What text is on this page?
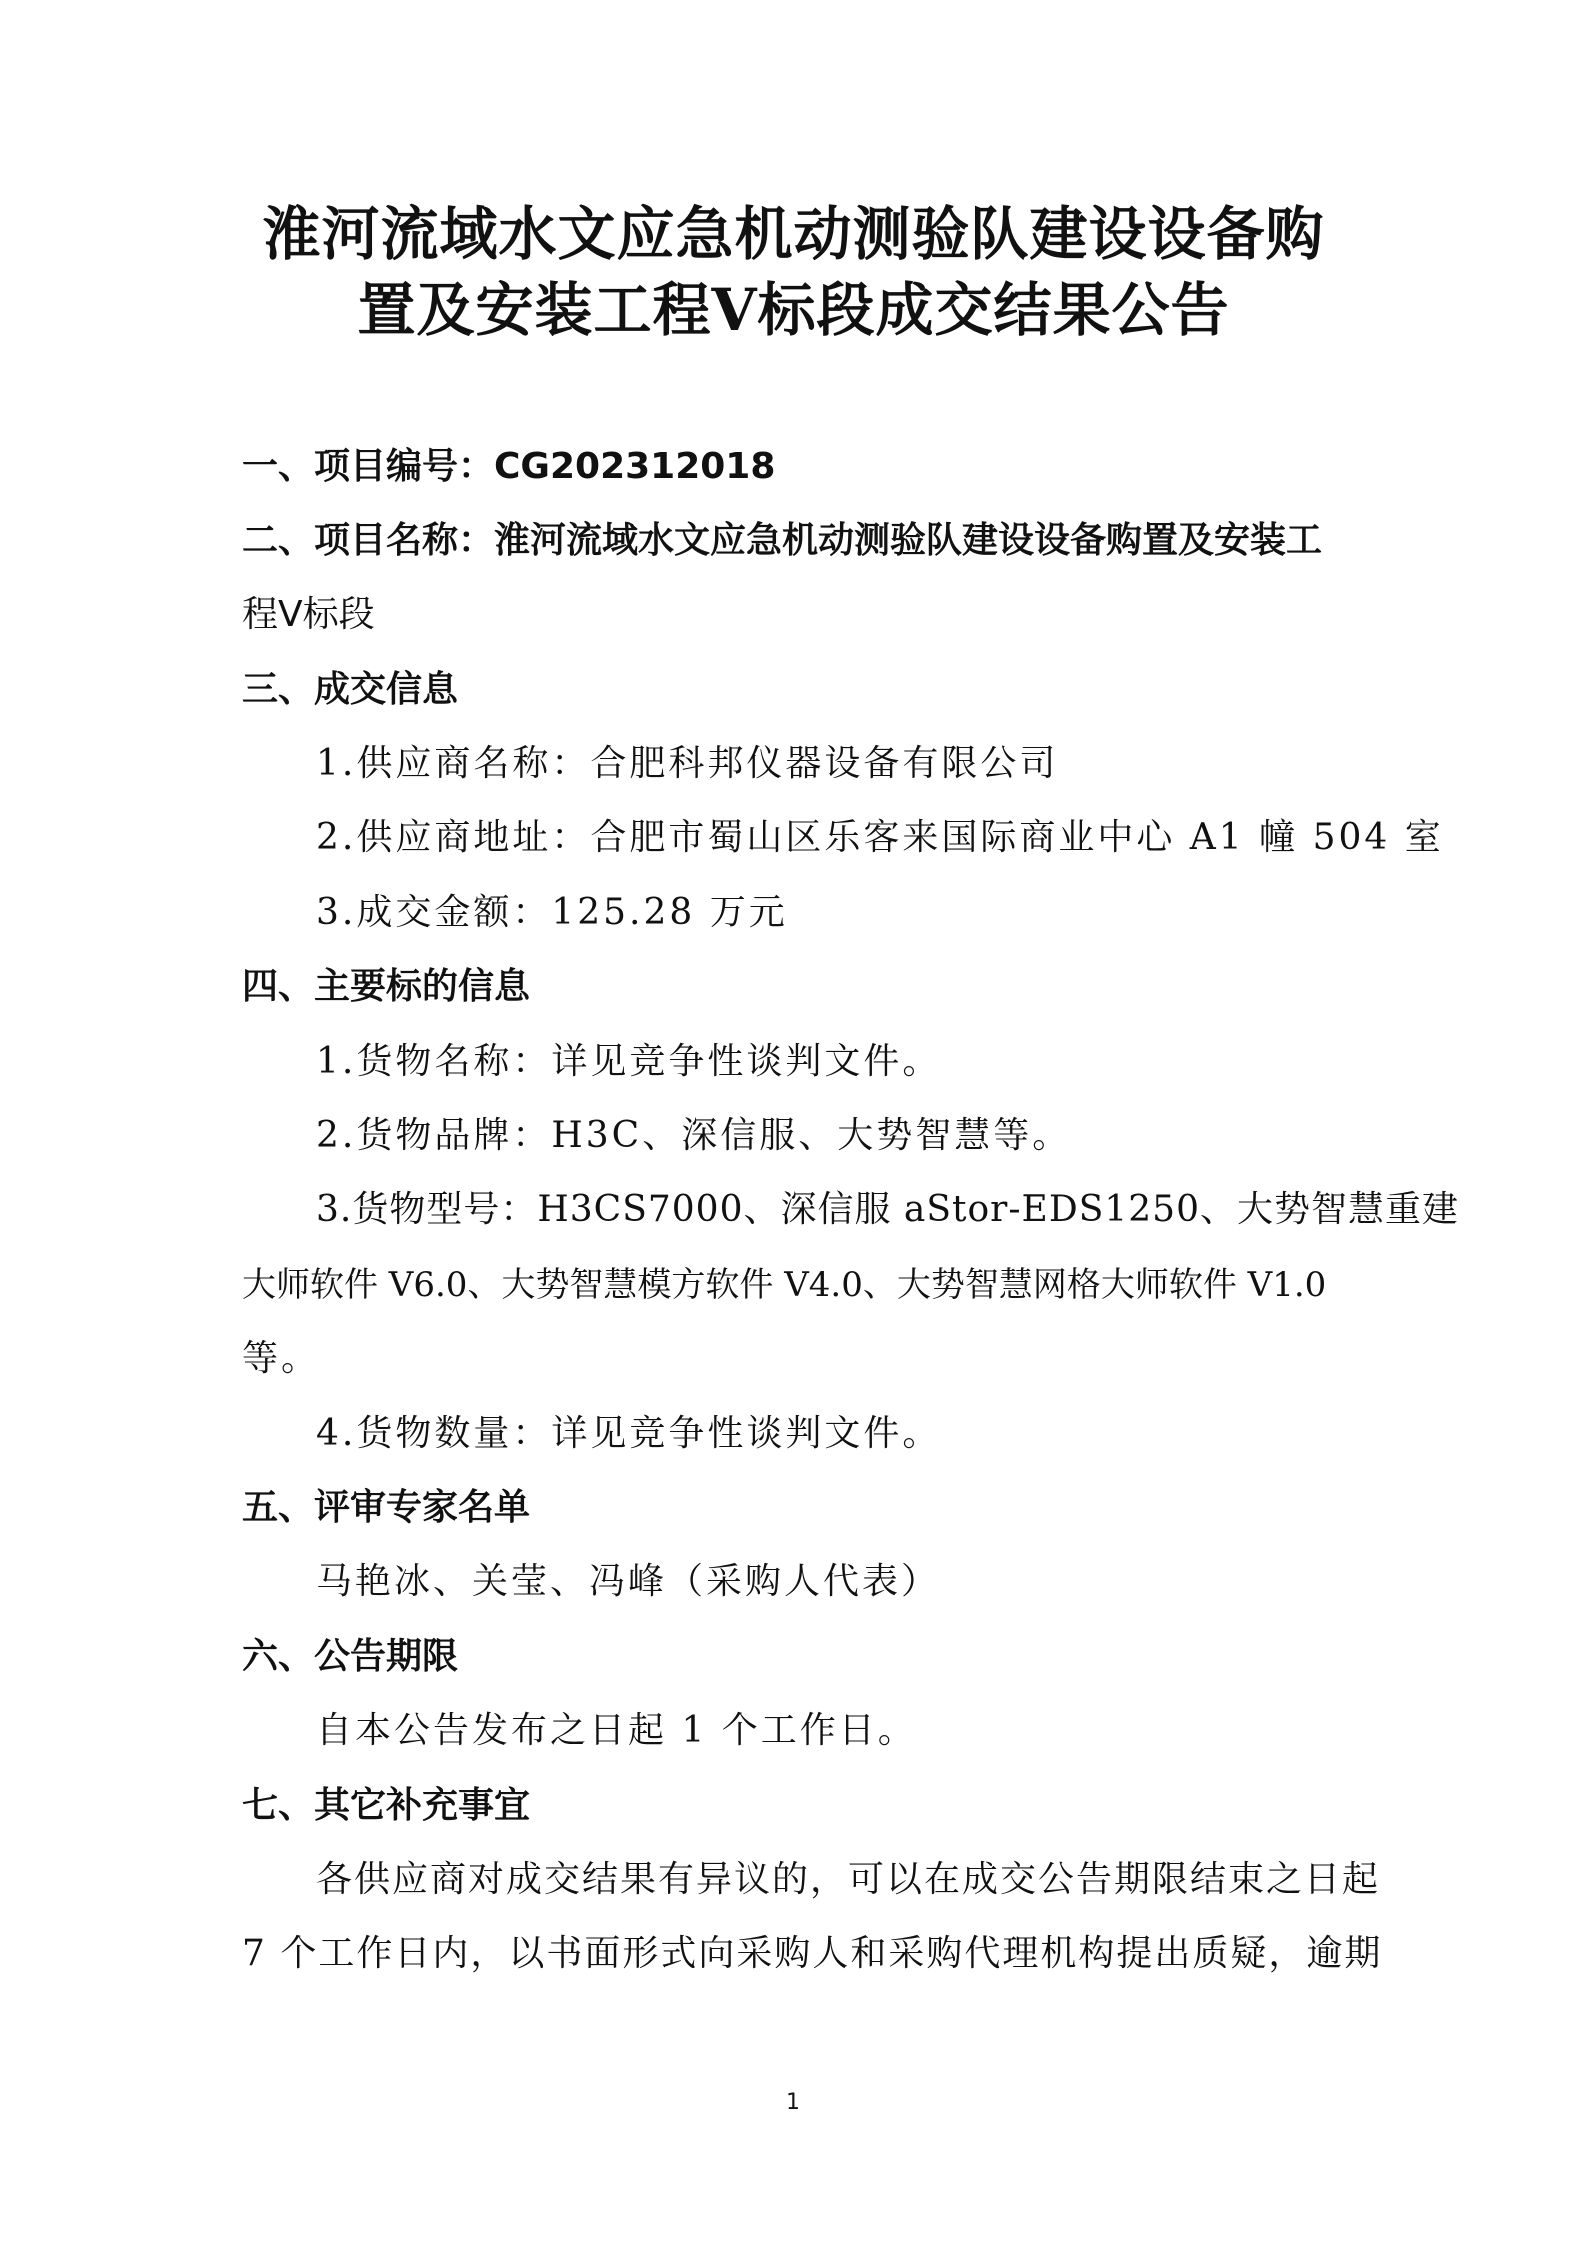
淮河流域水文应急机动测验队建设设备购
置及安装工程Ⅴ标段成交结果公告
一、项目编号：CG202312018
二、项目名称：淮河流域水文应急机动测验队建设设备购置及安装工
程Ⅴ标段
三、成交信息
1.供应商名称：合肥科邦仪器设备有限公司
2.供应商地址：合肥市蜀山区乐客来国际商业中心 A1 幢 504 室
3.成交金额：125.28 万元
四、主要标的信息
1.货物名称：详见竞争性谈判文件。
2.货物品牌：H3C、深信服、大势智慧等。
3.货物型号：H3CS7000、深信服 aStor-EDS1250、大势智慧重建
大师软件 V6.0、大势智慧模方软件 V4.0、大势智慧网格大师软件 V1.0
等。
4.货物数量：详见竞争性谈判文件。
五、评审专家名单
马艳冰、关莹、冯峰（采购人代表）
六、公告期限
自本公告发布之日起 1 个工作日。
七、其它补充事宜
各供应商对成交结果有异议的，可以在成交公告期限结束之日起
7 个工作日内，以书面形式向采购人和采购代理机构提出质疑，逾期
1
